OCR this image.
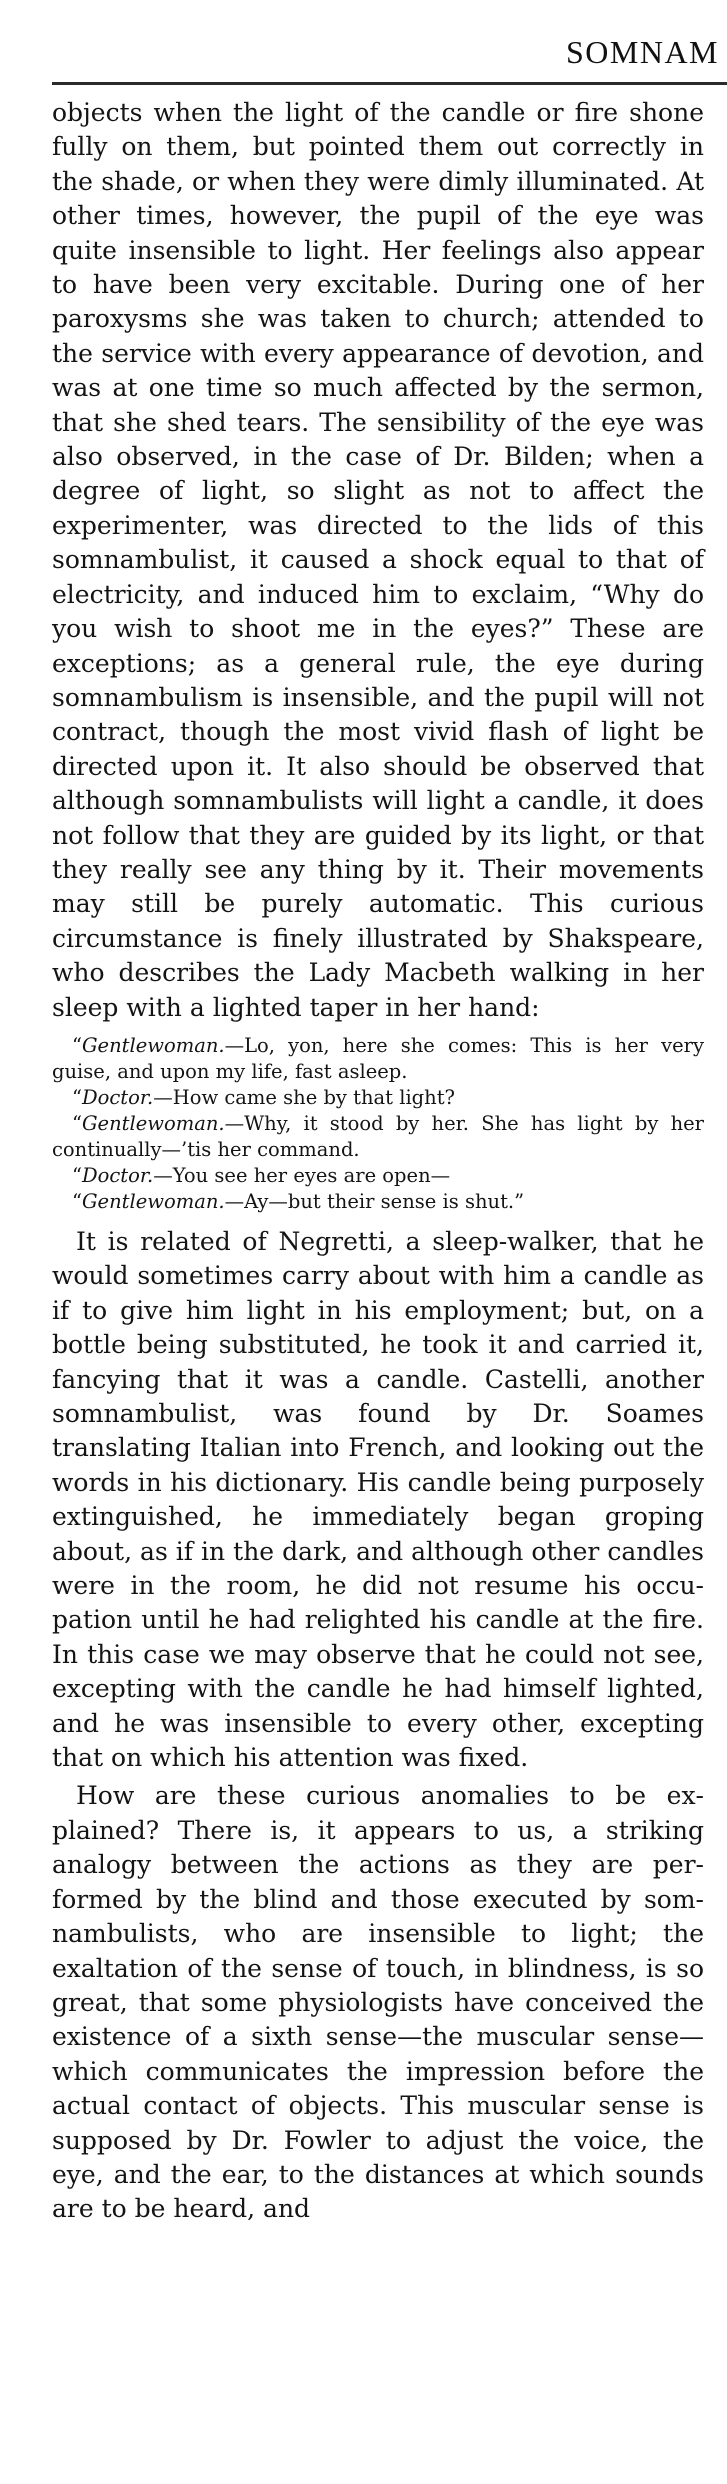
SOMNAM

objects when the light of the candle or fire shone fully on them, but pointed them out correctly in the shade, or when they were dimly illuminated. At other times, however, the pupil of the eye was quite insensible to light. Her feelings also appear to have been very excitable. During one of her paroxysms she was taken to church; attended to the service with every appearance of devotion, and was at one time so much affected by the sermon, that she shed tears. The sensibility of the eye was also observed, in the case of Dr. Bilden; when a degree of light, so slight as not to affect the experimenter, was directed to the lids of this somnambulist, it caused a shock equal to that of electricity, and induced him to exclaim, “Why do you wish to shoot me in the eyes?” These are exceptions; as a general rule, the eye during somnambulism is insensible, and the pupil will not contract, though the most vivid flash of light be directed upon it. It also should be observed that although somnambulists will light a candle, it does not follow that they are guided by its light, or that they really see any thing by it. Their movements may still be purely automatic. This curious circumstance is finely illustrated by Shakspeare, who describes the Lady Macbeth walking in her sleep with a lighted taper in her hand:

“Gentlewoman.—Lo, yon, here she comes: This is her very guise, and upon my life, fast asleep.
“Doctor.—How came she by that light?
“Gentlewoman.—Why, it stood by her. She has light by her continually—’tis her command.
“Doctor.—You see her eyes are open—
“Gentlewoman.—Ay—but their sense is shut.”

It is related of Negretti, a sleep-walker, that he would sometimes carry about with him a candle as if to give him light in his employment; but, on a bottle being substituted, he took it and carried it, fancying that it was a candle. Castelli, another somnambulist, was found by Dr. Soames translating Italian into French, and looking out the words in his dictionary. His candle being purposely extinguished, he immediately began groping about, as if in the dark, and although other candles were in the room, he did not resume his occupation until he had relighted his candle at the fire. In this case we may observe that he could not see, excepting with the candle he had himself lighted, and he was insensible to every other, excepting that on which his attention was fixed.

How are these curious anomalies to be explained? There is, it appears to us, a striking analogy between the actions as they are performed by the blind and those executed by somnambulists, who are insensible to light; the exaltation of the sense of touch, in blindness, is so great, that some physiologists have conceived the existence of a sixth sense—the muscular sense—which communicates the impression before the actual contact of objects. This muscular sense is supposed by Dr. Fowler to adjust the voice, the eye, and the ear, to the distances at which sounds are to be heard, and
